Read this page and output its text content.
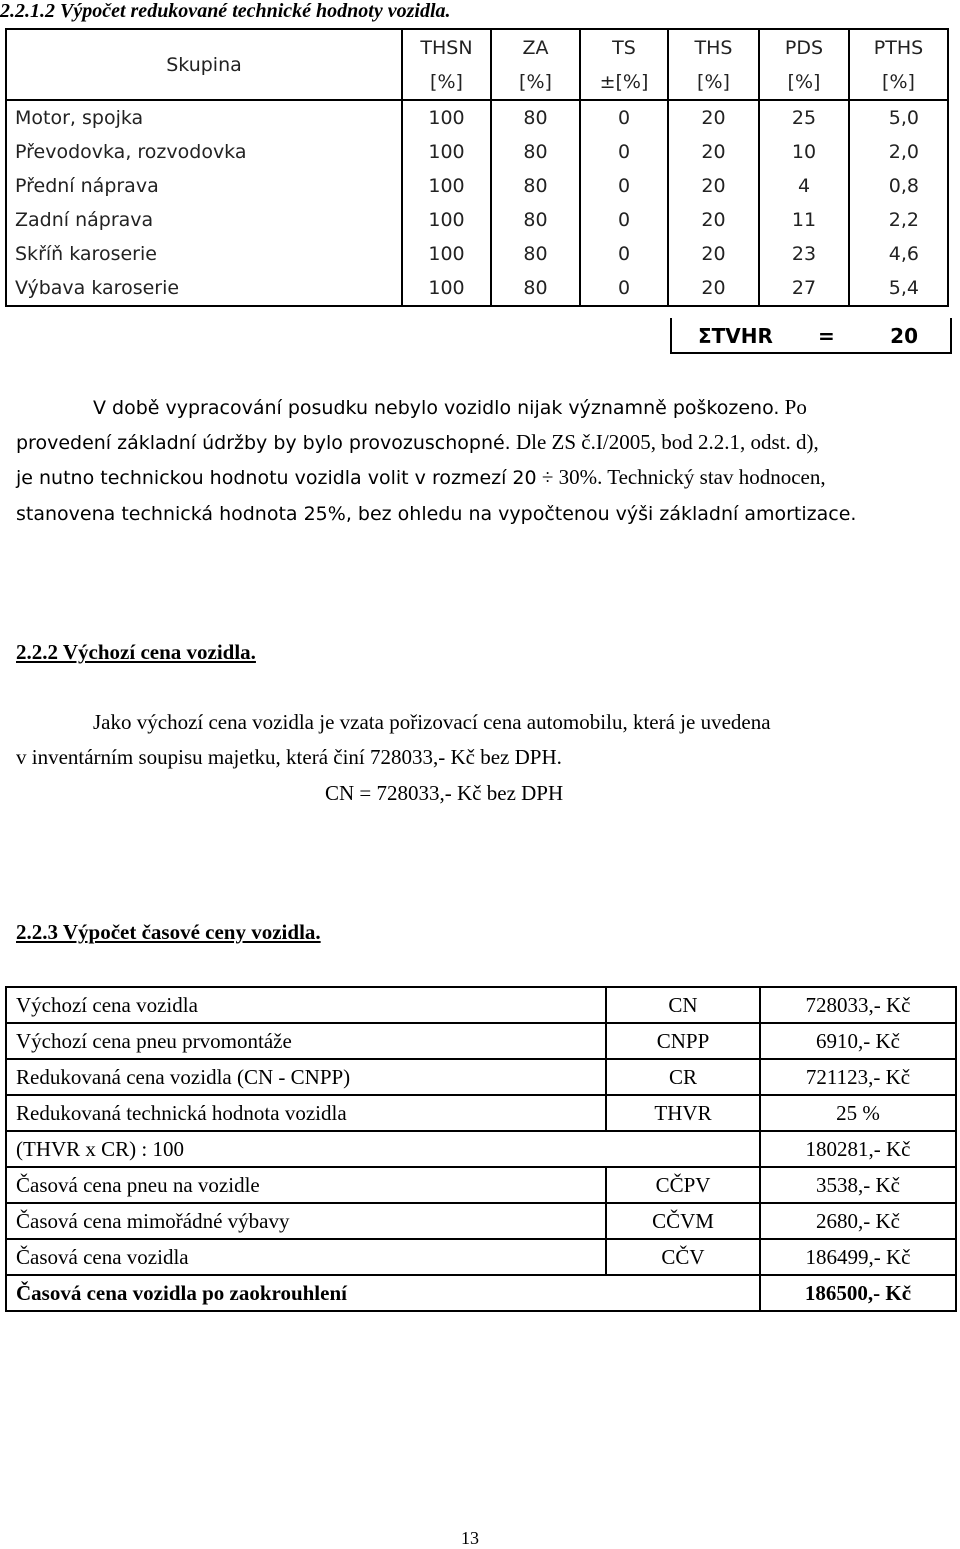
2.2.1.2 Výpočet redukované technické hodnoty vozidla.
Skupina	THSN	ZA	TS	THS	PDS	PTHS
	[%]	[%]	±[%]	[%]	[%]	[%]
Motor, spojka	100	80	0	20	25	5,0
Převodovka, rozvodovka	100	80	0	20	10	2,0
Přední náprava	100	80	0	20	4	0,8
Zadní náprava	100	80	0	20	11	2,2
Skříň karoserie	100	80	0	20	23	4,6
Výbava karoserie	100	80	0	20	27	5,4
ΣTVHR =	20
V době vypracování posudku nebylo vozidlo nijak významně poškozeno. Po
provedení základní údržby by bylo provozuschopné. Dle ZS č.I/2005, bod 2.2.1, odst. d),
je nutno technickou hodnotu vozidla volit v rozmezí 20 ÷ 30%. Technický stav hodnocen,
stanovena technická hodnota 25%, bez ohledu na vypočtenou výši základní amortizace.
2.2.2 Výchozí cena vozidla.
Jako výchozí cena vozidla je vzata pořizovací cena automobilu, která je uvedena
v inventárním soupisu majetku, která činí 728033,- Kč bez DPH.
CN = 728033,- Kč bez DPH
2.2.3 Výpočet časové ceny vozidla.
Výchozí cena vozidla	CN	728033,- Kč
Výchozí cena pneu prvomontáže	CNPP	6910,- Kč
Redukovaná cena vozidla (CN - CNPP)	CR	721123,- Kč
Redukovaná technická hodnota vozidla	THVR	25 %
(THVR x CR) : 100		180281,- Kč
Časová cena pneu na vozidle	CČPV	3538,- Kč
Časová cena mimořádné výbavy	CČVM	2680,- Kč
Časová cena vozidla	CČV	186499,- Kč
Časová cena vozidla po zaokrouhlení		186500,- Kč
13
